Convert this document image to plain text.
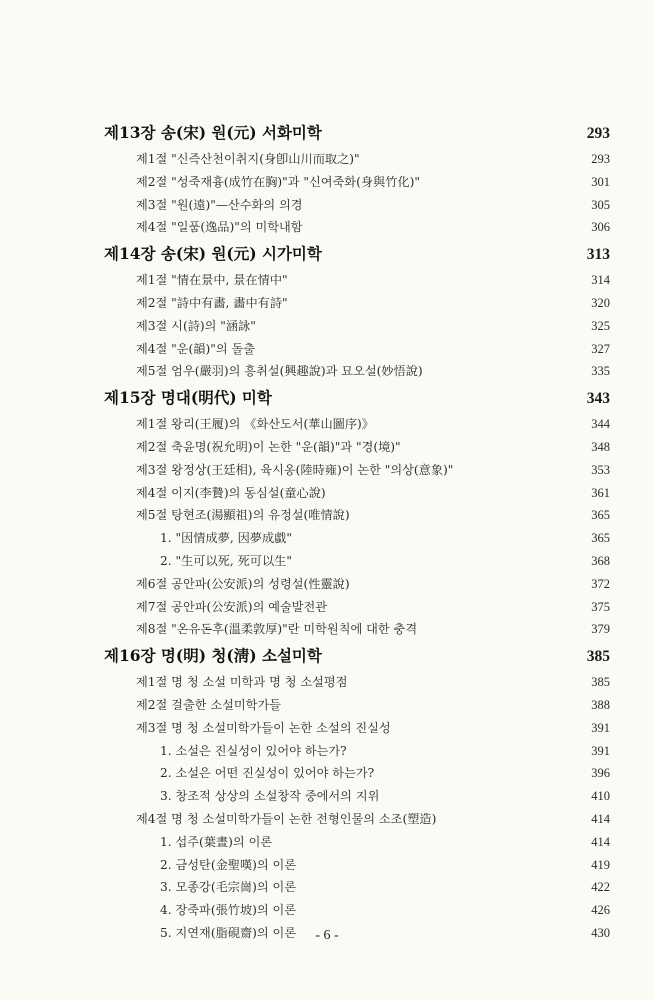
제13장 송(宋) 원(元) 서화미학	293
제1절 "신즉산천이취지(身卽山川而取之)"	293
제2절 "성죽재흉(成竹在胸)"과 "신여죽화(身與竹化)"	301
제3절 "원(遠)"—산수화의 의경	305
제4절 "일품(逸品)"의 미학내함	306
제14장 송(宋) 원(元) 시가미학	313
제1절 "情在景中, 景在情中"	314
제2절 "詩中有畵, 畵中有詩"	320
제3절 시(詩)의 "涵詠"	325
제4절 "운(韻)"의 돌출	327
제5절 엄우(嚴羽)의 흥취설(興趣說)과 묘오설(妙悟說)	335
제15장 명대(明代) 미학	343
제1절 왕리(王履)의 《화산도서(華山圖序)》	344
제2절 축윤명(祝允明)이 논한 "운(韻)"과 "경(境)"	348
제3절 왕정상(王廷相), 육시옹(陸時雍)이 논한 "의상(意象)"	353
제4절 이지(李贄)의 동심설(童心說)	361
제5절 탕현조(湯顯祖)의 유정설(唯情說)	365
1. "因情成夢, 因夢成戱"	365
2. "生可以死, 死可以生"	368
제6절 공안파(公安派)의 성령설(性靈說)	372
제7절 공안파(公安派)의 예술발전관	375
제8절 "온유돈후(溫柔敦厚)"란 미학원칙에 대한 충격	379
제16장 명(明) 청(淸) 소설미학	385
제1절 명 청 소설 미학과 명 청 소설평점	385
제2절 걸출한 소설미학가들	388
제3절 명 청 소설미학가들이 논한 소설의 진실성	391
1. 소설은 진실성이 있어야 하는가?	391
2. 소설은 어떤 진실성이 있어야 하는가?	396
3. 창조적 상상의 소설창작 중에서의 지위	410
제4절 명 청 소설미학가들이 논한 전형인물의 소조(塑造)	414
1. 섭주(葉晝)의 이론	414
2. 금성탄(金聖嘆)의 이론	419
3. 모종강(毛宗崗)의 이론	422
4. 장죽파(張竹坡)의 이론	426
5. 지연재(脂硯齋)의 이론	430
- 6 -
